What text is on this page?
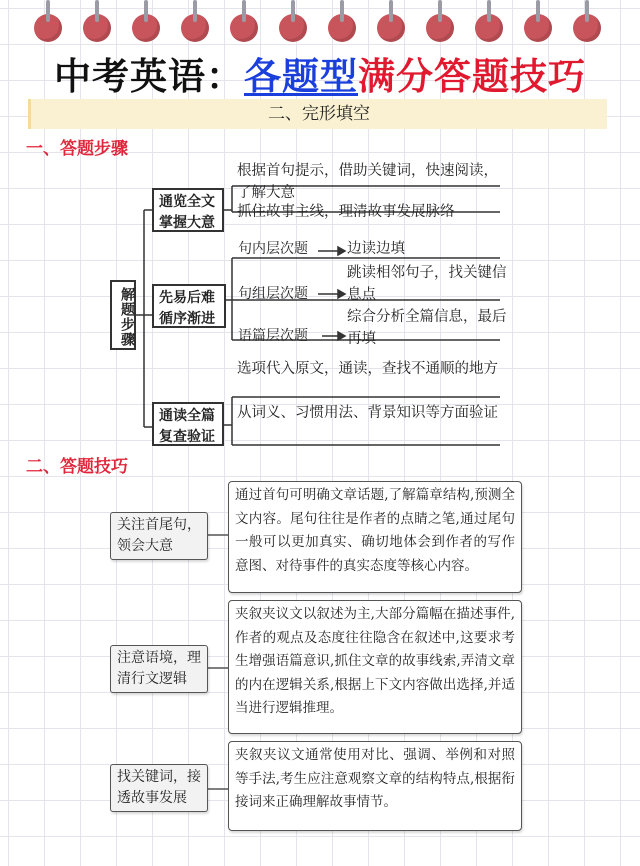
中考英语：各题型满分答题技巧
二、完形填空
一、答题步骤
解题步骤
通览全文掌握大意
先易后难循序渐进
通读全篇复查验证
根据首句提示，借助关键词，快速阅读，了解大意
抓住故事主线，理清故事发展脉络
句内层次题	边读边填
句组层次题
跳读相邻句子，找关键信息点
语篇层次题
综合分析全篇信息，最后再填
选项代入原文，通读，查找不通顺的地方
从词义、习惯用法、背景知识等方面验证
二、答题技巧
关注首尾句，领会大意
通过首句可明确文章话题,了解篇章结构,预测全文内容。尾句往往是作者的点睛之笔,通过尾句一般可以更加真实、确切地体会到作者的写作意图、对待事件的真实态度等核心内容。
注意语境，理清行文逻辑
夹叙夹议文以叙述为主,大部分篇幅在描述事件,作者的观点及态度往往隐含在叙述中,这要求考生增强语篇意识,抓住文章的故事线索,弄清文章的内在逻辑关系,根据上下文内容做出选择,并适当进行逻辑推理。
找关键词，接透故事发展
夹叙夹议文通常使用对比、强调、举例和对照等手法,考生应注意观察文章的结构特点,根据衔接词来正确理解故事情节。
